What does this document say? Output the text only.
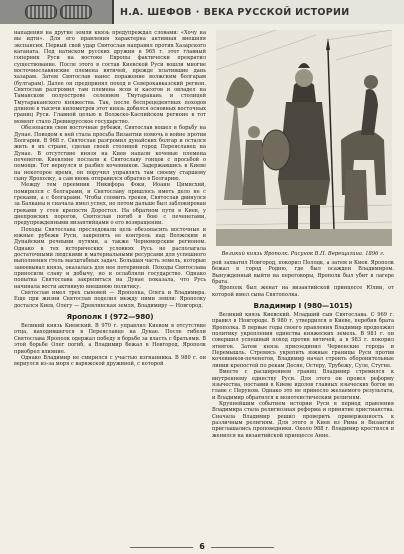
Н.А. ШЕФОВ · ВЕКА РУССКОЙ ИСТОРИИ

нападения на другие земли князь предупреждал словами: «Хочу на вы идти». Для его правления характерна активная внешняя экспансия. Первый свой удар Святослав направил против Хазарского каганата. Под натиском русских дружин в 965 г. этот главный соперник Руси на востоке Европы фактически прекратил существование. После этого в состав Киевской Руси вошли многие восточнославянские племена вятичей, прежде платившие дань хазарам. Затем Святослав нанес поражение волжским болгарам (булгарам). Далее он предпринял поход в Северокавказский регион. Святослав разгромил там племена ясов и касогов и овладел на Таманском полуострове селением Тмутаракань и столицей Тмутараканского княжества. Так, после беспрецедентных походов длиною в тысячи километров этот князь добился основных восточных границ Руси. Главной целью в Волжско-Каспийском регионе в тот момент стало Древнерусское государство.

Обезопасив свои восточные рубежи, Святослав вошел в борьбу на Дунае. Поводом к ней стала просьба Византии помочь в войне против Болгарии. В 968 г. Святослав разгромил дунайских болгар и остался жить в их стране, сделав своей столицей город Переяславец на Дунае. В отсутствие князя на Киев напали кочевые племена печенегов. Киевляне послали к Святославу гонцов с просьбой о помощи. Тот вернулся и разбил кочевников. Задержавшись в Киеве на некоторое время, он поручил управлять там своему старшему сыну Ярополку, а сам вновь отправился обратно в Болгарию.

Между тем преемник Никифора Фоки, Иоанн Цимисхий, помирился с болгарами, и Святославу пришлось иметь дело не с греками, а с болгарами. Чтобы сломить греков, Святослав двинулся за Балканы и сначала имел успех, но потом дальше был заблокирован греками у стен крепости Доростол. На обратном пути в Киев, у днепровских порогов, Святослав погиб в бою с печенегами, предупрежденными византийцами о его возвращении.

Походы Святослава преследовали цель обезопасить восточные и южные рубежи Руси, закрепить ее контроль над Волжским и Дунайским речными путями, а также Черноморским регионом. Однако в тех исторических условиях Русь не располагала достаточными людскими и материальными ресурсами для успешного выполнения столь масштабных задач. Большая часть земель, которые завоевывал князь, оказалась для нее потерянной. Походы Святослава приносили славу и добычу, но и ослабляли государство. Однако попытка Святослава закрепиться на Дунае показала, что Русь начинала вести активную внешнюю политику.

Святослав имел трех сыновей — Ярополка, Олега и Владимира. Еще при жизни Святослав поделил между ними земли: Ярополку достался Киев, Олегу — Древлянская земля, Владимиру — Новгород.

Ярополк I (972—980)

Великий князь Киевский. В 970 г. управлял Киевом в отсутствие отца, находившегося в Переяславце на Дунае. После гибели Святослава Ярополк одержал победу в борьбе за власть с братьями. В этой борьбе Олег погиб, а Владимир бежал в Новгород. Ярополк приобрел влияние.

Однако Владимир не смирился с участью изгнанника. В 980 г. он вернулся из-за моря с варяжской дружиной, с которой

Великий князь Ярополк. Рисунок В.П. Верещагина. 1896 г.

рой захватил Новгород, покорил Полоцк, а затем и Киев. Ярополк бежал в город Родню, где был осажден Владимиром. Вынужденный выйти на переговоры, Ярополк был убит в лагере брата.

Ярополк был женат на византийской принцессе Юлии, от которой имел сына Святополка.

Владимир I (980—1015)

Великий князь Киевский. Младший сын Святослава. С 969 г. правил в Новгороде. В 980 г. утвердился в Киеве, перебив брата Ярополка. В первые годы своего правления Владимир продолжил политику укрепления единства княжеских земель. В 981 г. он совершил успешный поход против вятичей, а в 983 г. покорил ятвягов. Затем князь присоединил Червенские города и Перемышль. Стремясь укрепить южные границы Руси против кочевников-печенегов, Владимир начал строить оборонительные линии крепостей по рекам Десне, Остеру, Трубежу, Суле, Стугне.

Вместе с расширением границ Владимир стремился к внутреннему единству Руси. Для этого он провел реформу язычества, поставив в Киеве идолов главных языческих богов во главе с Перуном. Однако это не принесло желаемого результата, и Владимир обратился к монотеистическим религиям.

Крупнейшим событием истории Руси в период правления Владимира стала религиозная реформа и принятие христианства. Сначала Владимир решил проверить приверженность к различным религиям. Для этого в Киев из Рима и Византии приглашались проповедники. Около 988 г. Владимир крестился и женился на византийской принцессе Анне.

6
